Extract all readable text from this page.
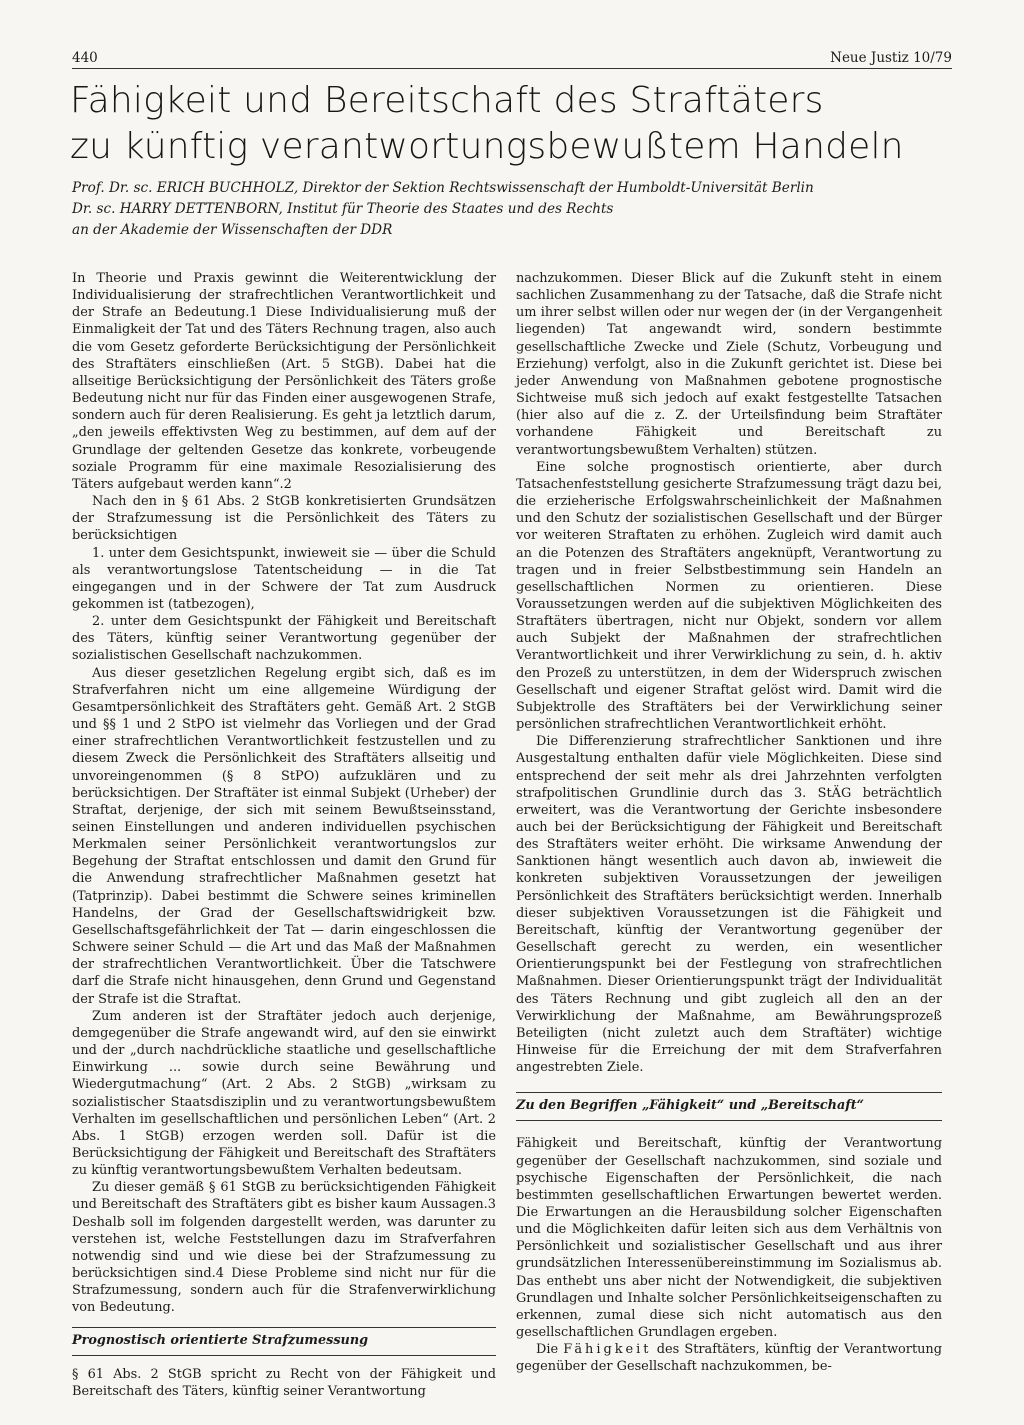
440	Neue Justiz 10/79
Fähigkeit und Bereitschaft des Straftäters
zu künftig verantwortungsbewußtem Handeln
Prof. Dr. sc. ERICH BUCHHOLZ, Direktor der Sektion Rechtswissenschaft der Humboldt-Universität Berlin
Dr. sc. HARRY DETTENBORN, Institut für Theorie des Staates und des Rechts
an der Akademie der Wissenschaften der DDR

In Theorie und Praxis gewinnt die Weiterentwicklung der Individualisierung der strafrechtlichen Verantwortlichkeit und der Strafe an Bedeutung.1 Diese Individualisierung muß der Einmaligkeit der Tat und des Täters Rechnung tragen, also auch die vom Gesetz geforderte Berücksichtigung der Persönlichkeit des Straftäters einschließen (Art. 5 StGB). Dabei hat die allseitige Berücksichtigung der Persönlichkeit des Täters große Bedeutung nicht nur für das Finden einer ausgewogenen Strafe, sondern auch für deren Realisierung. Es geht ja letztlich darum, „den jeweils effektivsten Weg zu bestimmen, auf dem auf der Grundlage der geltenden Gesetze das konkrete, vorbeugende soziale Programm für eine maximale Resozialisierung des Täters aufgebaut werden kann“.2

Nach den in § 61 Abs. 2 StGB konkretisierten Grundsätzen der Strafzumessung ist die Persönlichkeit des Täters zu berücksichtigen

1. unter dem Gesichtspunkt, inwieweit sie — über die Schuld als verantwortungslose Tatentscheidung — in die Tat eingegangen und in der Schwere der Tat zum Ausdruck gekommen ist (tatbezogen),

2. unter dem Gesichtspunkt der Fähigkeit und Bereitschaft des Täters, künftig seiner Verantwortung gegenüber der sozialistischen Gesellschaft nachzukommen.

Aus dieser gesetzlichen Regelung ergibt sich, daß es im Strafverfahren nicht um eine allgemeine Würdigung der Gesamtpersönlichkeit des Straftäters geht. Gemäß Art. 2 StGB und §§ 1 und 2 StPO ist vielmehr das Vorliegen und der Grad einer strafrechtlichen Verantwortlichkeit festzustellen und zu diesem Zweck die Persönlichkeit des Straftäters allseitig und unvoreingenommen (§ 8 StPO) aufzuklären und zu berücksichtigen. Der Straftäter ist einmal Subjekt (Urheber) der Straftat, derjenige, der sich mit seinem Bewußtseinsstand, seinen Einstellungen und anderen individuellen psychischen Merkmalen seiner Persönlichkeit verantwortungslos zur Begehung der Straftat entschlossen und damit den Grund für die Anwendung strafrechtlicher Maßnahmen gesetzt hat (Tatprinzip). Dabei bestimmt die Schwere seines kriminellen Handelns, der Grad der Gesellschaftswidrigkeit bzw. Gesellschaftsgefährlichkeit der Tat — darin eingeschlossen die Schwere seiner Schuld — die Art und das Maß der Maßnahmen der strafrechtlichen Verantwortlichkeit. Über die Tatschwere darf die Strafe nicht hinausgehen, denn Grund und Gegenstand der Strafe ist die Straftat.

Zum anderen ist der Straftäter jedoch auch derjenige, demgegenüber die Strafe angewandt wird, auf den sie einwirkt und der „durch nachdrückliche staatliche und gesellschaftliche Einwirkung ... sowie durch seine Bewährung und Wiedergutmachung“ (Art. 2 Abs. 2 StGB) „wirksam zu sozialistischer Staatsdisziplin und zu verantwortungsbewußtem Verhalten im gesellschaftlichen und persönlichen Leben“ (Art. 2 Abs. 1 StGB) erzogen werden soll. Dafür ist die Berücksichtigung der Fähigkeit und Bereitschaft des Straftäters zu künftig verantwortungsbewußtem Verhalten bedeutsam.

Zu dieser gemäß § 61 StGB zu berücksichtigenden Fähigkeit und Bereitschaft des Straftäters gibt es bisher kaum Aussagen.3 Deshalb soll im folgenden dargestellt werden, was darunter zu verstehen ist, welche Feststellungen dazu im Strafverfahren notwendig sind und wie diese bei der Strafzumessung zu berücksichtigen sind.4 Diese Probleme sind nicht nur für die Strafzumessung, sondern auch für die Strafenverwirklichung von Bedeutung.

Prognostisch orientierte Strafzumessung

§ 61 Abs. 2 StGB spricht zu Recht von der Fähigkeit und Bereitschaft des Täters, künftig seiner Verantwortung

nachzukommen. Dieser Blick auf die Zukunft steht in einem sachlichen Zusammenhang zu der Tatsache, daß die Strafe nicht um ihrer selbst willen oder nur wegen der (in der Vergangenheit liegenden) Tat angewandt wird, sondern bestimmte gesellschaftliche Zwecke und Ziele (Schutz, Vorbeugung und Erziehung) verfolgt, also in die Zukunft gerichtet ist. Diese bei jeder Anwendung von Maßnahmen gebotene prognostische Sichtweise muß sich jedoch auf exakt festgestellte Tatsachen (hier also auf die z. Z. der Urteilsfindung beim Straftäter vorhandene Fähigkeit und Bereitschaft zu verantwortungsbewußtem Verhalten) stützen.

Eine solche prognostisch orientierte, aber durch Tatsachenfeststellung gesicherte Strafzumessung trägt dazu bei, die erzieherische Erfolgswahrscheinlichkeit der Maßnahmen und den Schutz der sozialistischen Gesellschaft und der Bürger vor weiteren Straftaten zu erhöhen. Zugleich wird damit auch an die Potenzen des Straftäters angeknüpft, Verantwortung zu tragen und in freier Selbstbestimmung sein Handeln an gesellschaftlichen Normen zu orientieren. Diese Voraussetzungen werden auf die subjektiven Möglichkeiten des Straftäters übertragen, nicht nur Objekt, sondern vor allem auch Subjekt der Maßnahmen der strafrechtlichen Verantwortlichkeit und ihrer Verwirklichung zu sein, d. h. aktiv den Prozeß zu unterstützen, in dem der Widerspruch zwischen Gesellschaft und eigener Straftat gelöst wird. Damit wird die Subjektrolle des Straftäters bei der Verwirklichung seiner persönlichen strafrechtlichen Verantwortlichkeit erhöht.

Die Differenzierung strafrechtlicher Sanktionen und ihre Ausgestaltung enthalten dafür viele Möglichkeiten. Diese sind entsprechend der seit mehr als drei Jahrzehnten verfolgten strafpolitischen Grundlinie durch das 3. StÄG beträchtlich erweitert, was die Verantwortung der Gerichte insbesondere auch bei der Berücksichtigung der Fähigkeit und Bereitschaft des Straftäters weiter erhöht. Die wirksame Anwendung der Sanktionen hängt wesentlich auch davon ab, inwieweit die konkreten subjektiven Voraussetzungen der jeweiligen Persönlichkeit des Straftäters berücksichtigt werden. Innerhalb dieser subjektiven Voraussetzungen ist die Fähigkeit und Bereitschaft, künftig der Verantwortung gegenüber der Gesellschaft gerecht zu werden, ein wesentlicher Orientierungspunkt bei der Festlegung von strafrechtlichen Maßnahmen. Dieser Orientierungspunkt trägt der Individualität des Täters Rechnung und gibt zugleich all den an der Verwirklichung der Maßnahme, am Bewährungsprozeß Beteiligten (nicht zuletzt auch dem Straftäter) wichtige Hinweise für die Erreichung der mit dem Strafverfahren angestrebten Ziele.

Zu den Begriffen „Fähigkeit“ und „Bereitschaft“

Fähigkeit und Bereitschaft, künftig der Verantwortung gegenüber der Gesellschaft nachzukommen, sind soziale und psychische Eigenschaften der Persönlichkeit, die nach bestimmten gesellschaftlichen Erwartungen bewertet werden. Die Erwartungen an die Herausbildung solcher Eigenschaften und die Möglichkeiten dafür leiten sich aus dem Verhältnis von Persönlichkeit und sozialistischer Gesellschaft und aus ihrer grundsätzlichen Interessenübereinstimmung im Sozialismus ab. Das enthebt uns aber nicht der Notwendigkeit, die subjektiven Grundlagen und Inhalte solcher Persönlichkeitseigenschaften zu erkennen, zumal diese sich nicht automatisch aus den gesellschaftlichen Grundlagen ergeben.

Die Fähigkeit des Straftäters, künftig der Verantwortung gegenüber der Gesellschaft nachzukommen, be-
